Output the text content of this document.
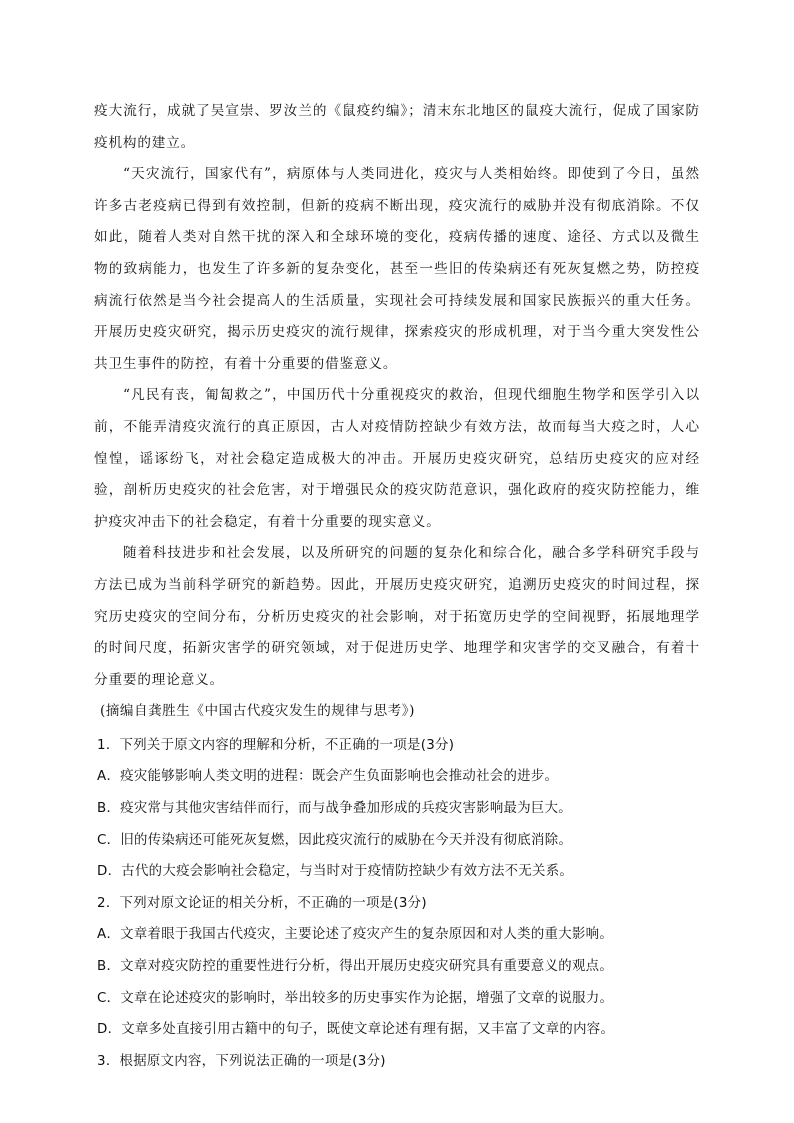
疫大流行，成就了吴宣崇、罗汝兰的《鼠疫约编》；清末东北地区的鼠疫大流行，促成了国家防疫机构的建立。

“天灾流行，国家代有”，病原体与人类同进化，疫灾与人类相始终。即使到了今日，虽然许多古老疫病已得到有效控制，但新的疫病不断出现，疫灾流行的威胁并没有彻底消除。不仅如此，随着人类对自然干扰的深入和全球环境的变化，疫病传播的速度、途径、方式以及微生物的致病能力，也发生了许多新的复杂变化，甚至一些旧的传染病还有死灰复燃之势，防控疫病流行依然是当今社会提高人的生活质量，实现社会可持续发展和国家民族振兴的重大任务。开展历史疫灾研究，揭示历史疫灾的流行规律，探索疫灾的形成机理，对于当今重大突发性公共卫生事件的防控，有着十分重要的借鉴意义。

“凡民有丧，匍匐救之”，中国历代十分重视疫灾的救治，但现代细胞生物学和医学引入以前，不能弄清疫灾流行的真正原因，古人对疫情防控缺少有效方法，故而每当大疫之时，人心惶惶，谣诼纷飞，对社会稳定造成极大的冲击。开展历史疫灾研究，总结历史疫灾的应对经验，剖析历史疫灾的社会危害，对于增强民众的疫灾防范意识，强化政府的疫灾防控能力，维护疫灾冲击下的社会稳定，有着十分重要的现实意义。

随着科技进步和社会发展，以及所研究的问题的复杂化和综合化，融合多学科研究手段与方法已成为当前科学研究的新趋势。因此，开展历史疫灾研究，追溯历史疫灾的时间过程，探究历史疫灾的空间分布，分析历史疫灾的社会影响，对于拓宽历史学的空间视野，拓展地理学的时间尺度，拓新灾害学的研究领域，对于促进历史学、地理学和灾害学的交叉融合，有着十分重要的理论意义。

(摘编自龚胜生《中国古代疫灾发生的规律与思考》)

1．下列关于原文内容的理解和分析，不正确的一项是(3分)

A．疫灾能够影响人类文明的进程：既会产生负面影响也会推动社会的进步。

B．疫灾常与其他灾害结伴而行，而与战争叠加形成的兵疫灾害影响最为巨大。

C．旧的传染病还可能死灰复燃，因此疫灾流行的威胁在今天并没有彻底消除。

D．古代的大疫会影响社会稳定，与当时对于疫情防控缺少有效方法不无关系。

2．下列对原文论证的相关分析，不正确的一项是(3分)

A．文章着眼于我国古代疫灾，主要论述了疫灾产生的复杂原因和对人类的重大影响。

B．文章对疫灾防控的重要性进行分析，得出开展历史疫灾研究具有重要意义的观点。

C．文章在论述疫灾的影响时，举出较多的历史事实作为论据，增强了文章的说服力。

D．文章多处直接引用古籍中的句子，既使文章论述有理有据，又丰富了文章的内容。

3．根据原文内容，下列说法正确的一项是(3分)
